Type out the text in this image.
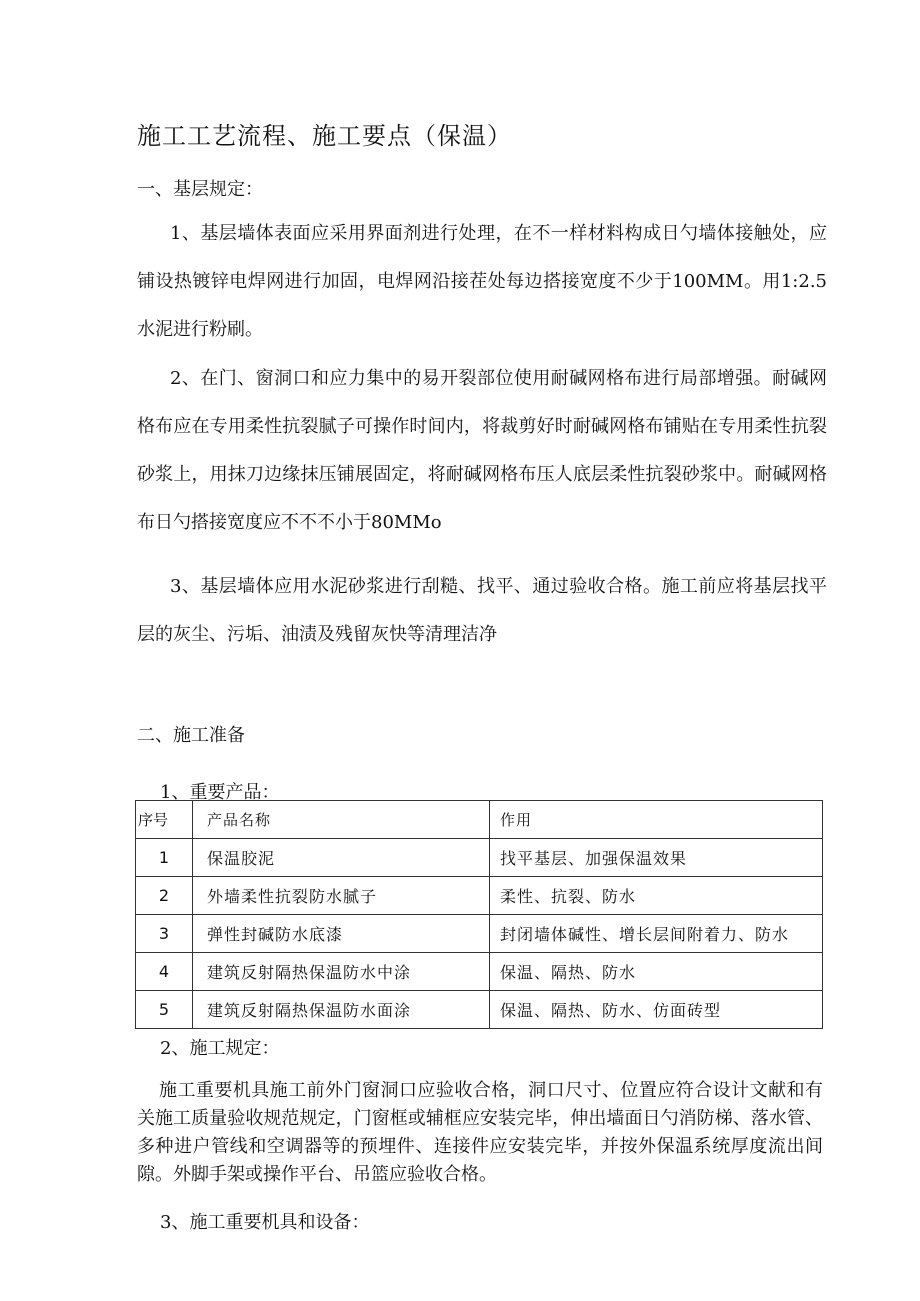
施工工艺流程、施工要点（保温）
一、基层规定：
1、基层墙体表面应采用界面剂进行处理，在不一样材料构成日勺墙体接触处，应铺设热镀锌电焊网进行加固，电焊网沿接茬处每边搭接宽度不少于100MM。用1:2.5水泥进行粉刷。
2、在门、窗洞口和应力集中的易开裂部位使用耐碱网格布进行局部增强。耐碱网格布应在专用柔性抗裂腻子可操作时间内，将裁剪好时耐碱网格布铺贴在专用柔性抗裂砂浆上，用抹刀边缘抹压铺展固定，将耐碱网格布压人底层柔性抗裂砂浆中。耐碱网格布日勺搭接宽度应不不不小于80MMo
3、基层墙体应用水泥砂浆进行刮糙、找平、通过验收合格。施工前应将基层找平层的灰尘、污垢、油渍及残留灰快等清理洁净
二、施工准备
1、重要产品：
序号	产品名称	作用
1	保温胶泥	找平基层、加强保温效果
2	外墙柔性抗裂防水腻子	柔性、抗裂、防水
3	弹性封碱防水底漆	封闭墙体碱性、增长层间附着力、防水
4	建筑反射隔热保温防水中涂	保温、隔热、防水
5	建筑反射隔热保温防水面涂	保温、隔热、防水、仿面砖型
2、施工规定：
施工重要机具施工前外门窗洞口应验收合格，洞口尺寸、位置应符合设计文献和有关施工质量验收规范规定，门窗框或辅框应安装完毕，伸出墙面日勺消防梯、落水管、多种进户管线和空调器等的预埋件、连接件应安装完毕，并按外保温系统厚度流出间隙。外脚手架或操作平台、吊篮应验收合格。
3、施工重要机具和设备：
